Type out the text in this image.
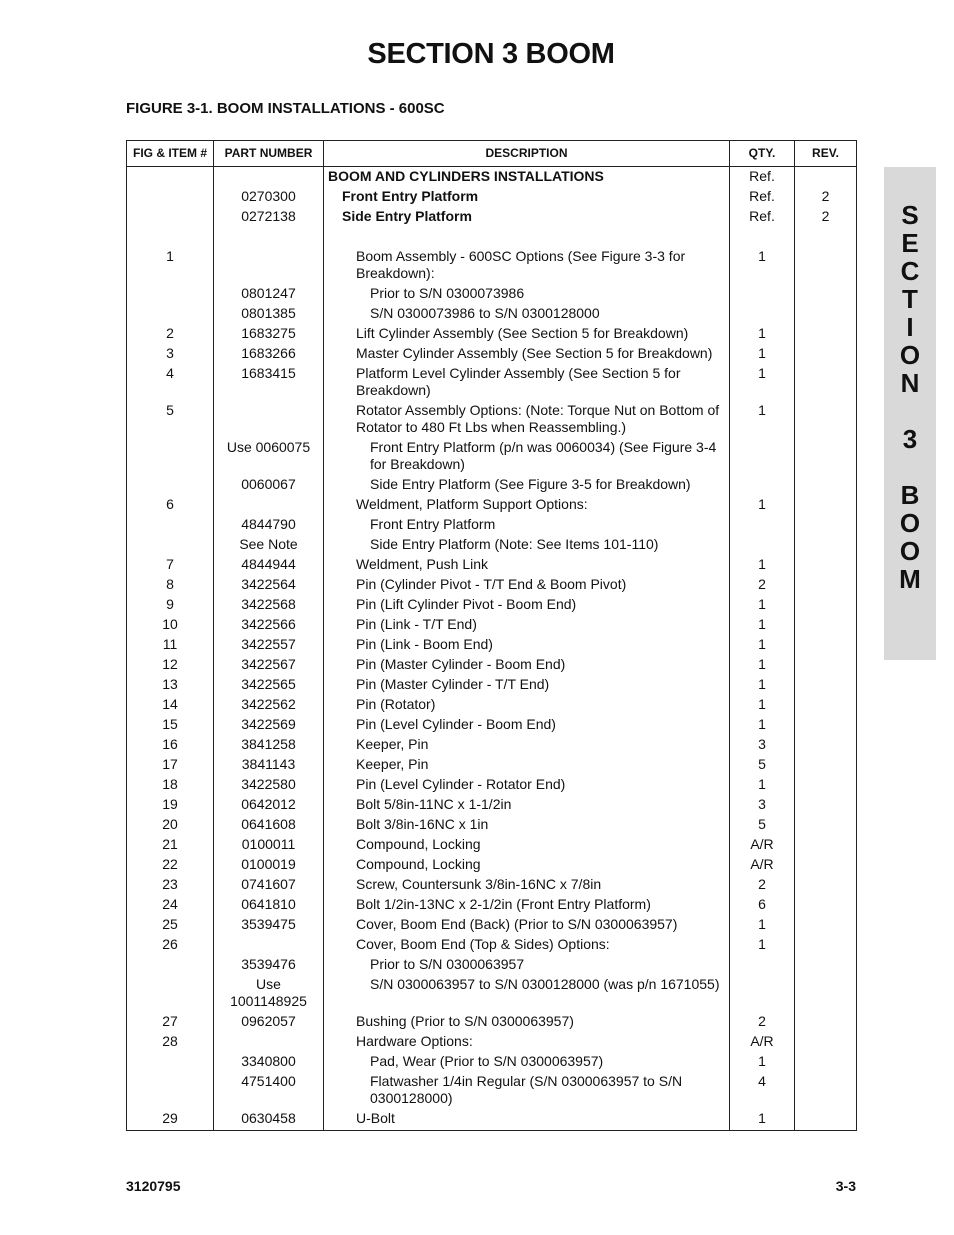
SECTION 3 BOOM
FIGURE 3-1. BOOM INSTALLATIONS - 600SC
FIG & ITEM #	PART NUMBER	DESCRIPTION	QTY.	REV.
		BOOM AND CYLINDERS INSTALLATIONS	Ref.	
	0270300	Front Entry Platform	Ref.	2
	0272138	Side Entry Platform	Ref.	2

1		Boom Assembly - 600SC Options (See Figure 3-3 for Breakdown):	1	
	0801247	Prior to S/N 0300073986		
	0801385	S/N 0300073986 to S/N 0300128000		
2	1683275	Lift Cylinder Assembly (See Section 5 for Breakdown)	1	
3	1683266	Master Cylinder Assembly (See Section 5 for Breakdown)	1	
4	1683415	Platform Level Cylinder Assembly (See Section 5 for Breakdown)	1	
5		Rotator Assembly Options: (Note: Torque Nut on Bottom of Rotator to 480 Ft Lbs when Reassembling.)	1	
	Use 0060075	Front Entry Platform (p/n was 0060034) (See Figure 3-4 for Breakdown)		
	0060067	Side Entry Platform (See Figure 3-5 for Breakdown)		
6		Weldment, Platform Support Options:	1	
	4844790	Front Entry Platform		
	See Note	Side Entry Platform (Note: See Items 101-110)		
7	4844944	Weldment, Push Link	1	
8	3422564	Pin (Cylinder Pivot - T/T End & Boom Pivot)	2	
9	3422568	Pin (Lift Cylinder Pivot - Boom End)	1	
10	3422566	Pin (Link - T/T End)	1	
11	3422557	Pin (Link - Boom End)	1	
12	3422567	Pin (Master Cylinder - Boom End)	1	
13	3422565	Pin (Master Cylinder - T/T End)	1	
14	3422562	Pin (Rotator)	1	
15	3422569	Pin (Level Cylinder - Boom End)	1	
16	3841258	Keeper, Pin	3	
17	3841143	Keeper, Pin	5	
18	3422580	Pin (Level Cylinder - Rotator End)	1	
19	0642012	Bolt 5/8in-11NC x 1-1/2in	3	
20	0641608	Bolt 3/8in-16NC x 1in	5	
21	0100011	Compound, Locking	A/R	
22	0100019	Compound, Locking	A/R	
23	0741607	Screw, Countersunk 3/8in-16NC x 7/8in	2	
24	0641810	Bolt 1/2in-13NC x 2-1/2in (Front Entry Platform)	6	
25	3539475	Cover, Boom End (Back) (Prior to S/N 0300063957)	1	
26		Cover, Boom End (Top & Sides) Options:	1	
	3539476	Prior to S/N 0300063957		
	Use 1001148925	S/N 0300063957 to S/N 0300128000 (was p/n 1671055)		
27	0962057	Bushing (Prior to S/N 0300063957)	2	
28		Hardware Options:	A/R	
	3340800	Pad, Wear (Prior to S/N 0300063957)	1	
	4751400	Flatwasher 1/4in Regular (S/N 0300063957 to S/N 0300128000)	4	
29	0630458	U-Bolt	1	
S
E
C
T
I
O
N

3

B
O
O
M

3120795	3-3
